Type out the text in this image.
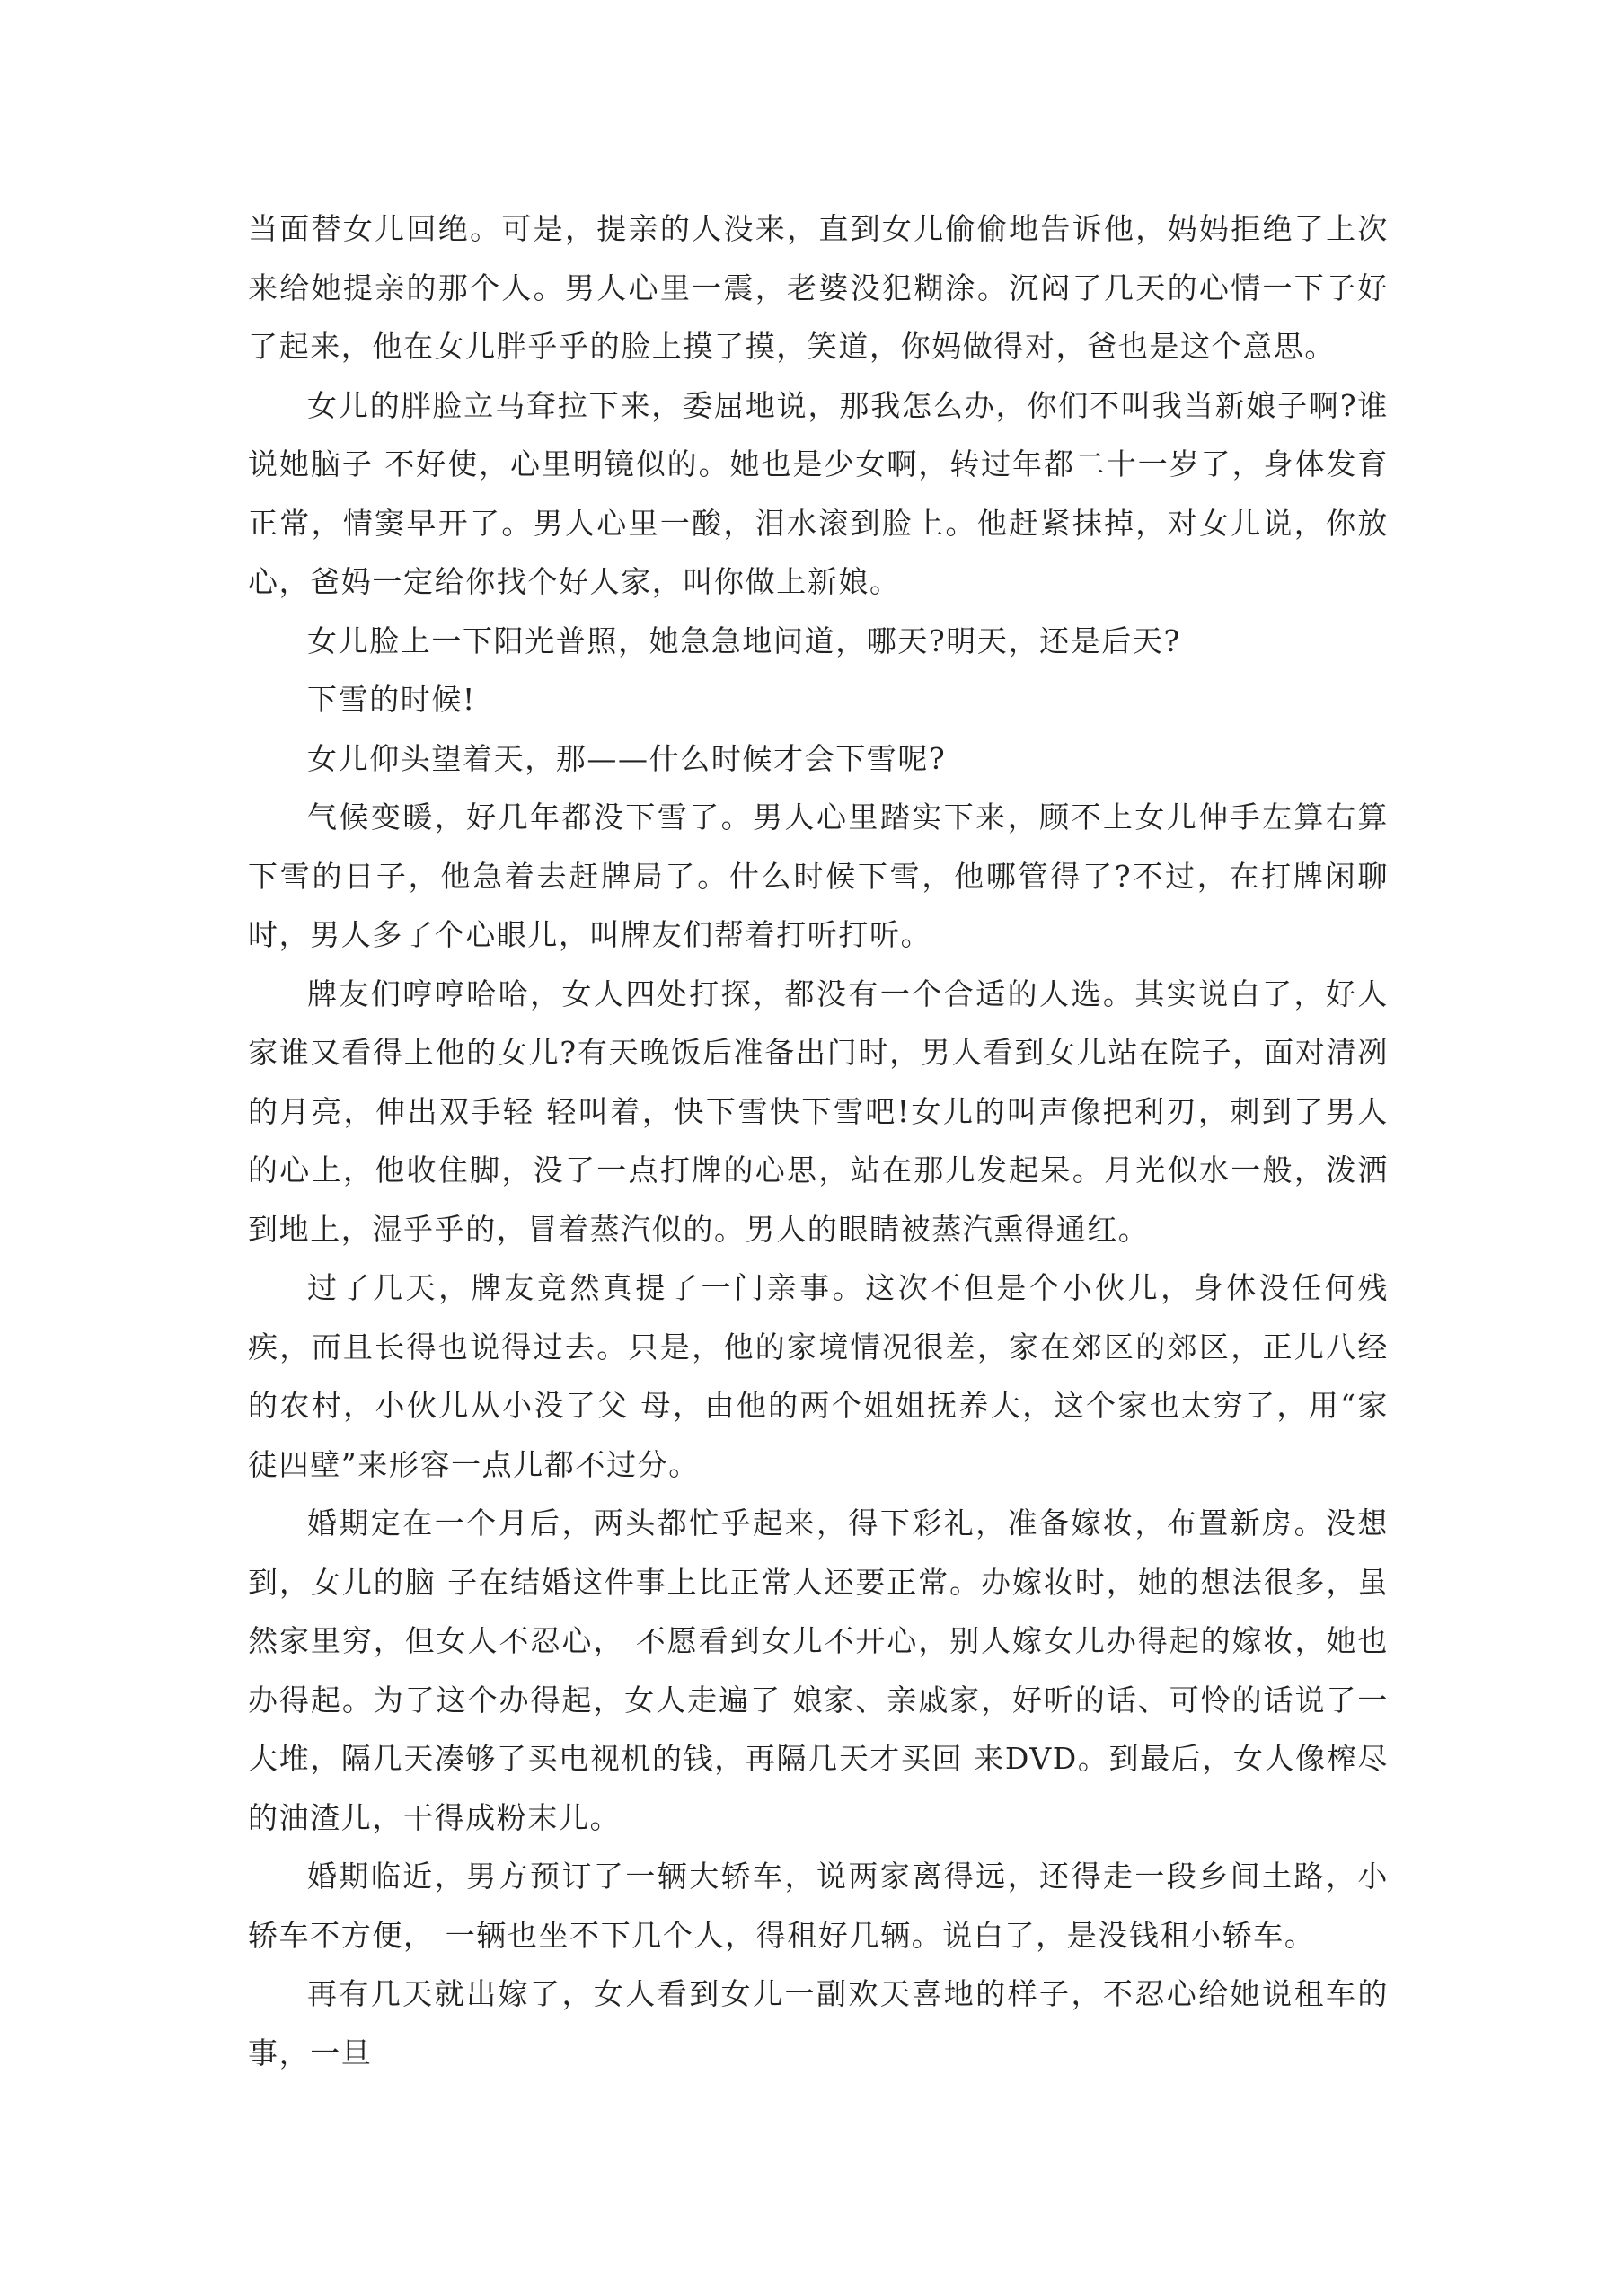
当面替女儿回绝。可是，提亲的人没来，直到女儿偷偷地告诉他，妈妈拒绝了上次来给她提亲的那个人。男人心里一震，老婆没犯糊涂。沉闷了几天的心情一下子好了起来，他在女儿胖乎乎的脸上摸了摸，笑道，你妈做得对，爸也是这个意思。

女儿的胖脸立马耷拉下来，委屈地说，那我怎么办，你们不叫我当新娘子啊?谁说她脑子 不好使，心里明镜似的。她也是少女啊，转过年都二十一岁了，身体发育正常，情窦早开了。男人心里一酸，泪水滚到脸上。他赶紧抹掉，对女儿说，你放心，爸妈一定给你找个好人家，叫你做上新娘。

女儿脸上一下阳光普照，她急急地问道，哪天?明天，还是后天?

下雪的时候!

女儿仰头望着天，那——什么时候才会下雪呢?

气候变暖，好几年都没下雪了。男人心里踏实下来，顾不上女儿伸手左算右算下雪的日子，他急着去赶牌局了。什么时候下雪，他哪管得了?不过，在打牌闲聊时，男人多了个心眼儿，叫牌友们帮着打听打听。

牌友们哼哼哈哈，女人四处打探，都没有一个合适的人选。其实说白了，好人家谁又看得上他的女儿?有天晚饭后准备出门时，男人看到女儿站在院子，面对清冽的月亮，伸出双手轻 轻叫着，快下雪快下雪吧!女儿的叫声像把利刃，刺到了男人的心上，他收住脚，没了一点打牌的心思，站在那儿发起呆。月光似水一般，泼洒到地上，湿乎乎的，冒着蒸汽似的。男人的眼睛被蒸汽熏得通红。

过了几天，牌友竟然真提了一门亲事。这次不但是个小伙儿，身体没任何残疾，而且长得也说得过去。只是，他的家境情况很差，家在郊区的郊区，正儿八经的农村，小伙儿从小没了父 母，由他的两个姐姐抚养大，这个家也太穷了，用“家徒四壁”来形容一点儿都不过分。

婚期定在一个月后，两头都忙乎起来，得下彩礼，准备嫁妆，布置新房。没想到，女儿的脑 子在结婚这件事上比正常人还要正常。办嫁妆时，她的想法很多，虽然家里穷，但女人不忍心， 不愿看到女儿不开心，别人嫁女儿办得起的嫁妆，她也办得起。为了这个办得起，女人走遍了 娘家、亲戚家，好听的话、可怜的话说了一大堆，隔几天凑够了买电视机的钱，再隔几天才买回 来DVD。到最后，女人像榨尽的油渣儿，干得成粉末儿。

婚期临近，男方预订了一辆大轿车，说两家离得远，还得走一段乡间土路，小轿车不方便， 一辆也坐不下几个人，得租好几辆。说白了，是没钱租小轿车。

再有几天就出嫁了，女人看到女儿一副欢天喜地的样子，不忍心给她说租车的事，一旦
